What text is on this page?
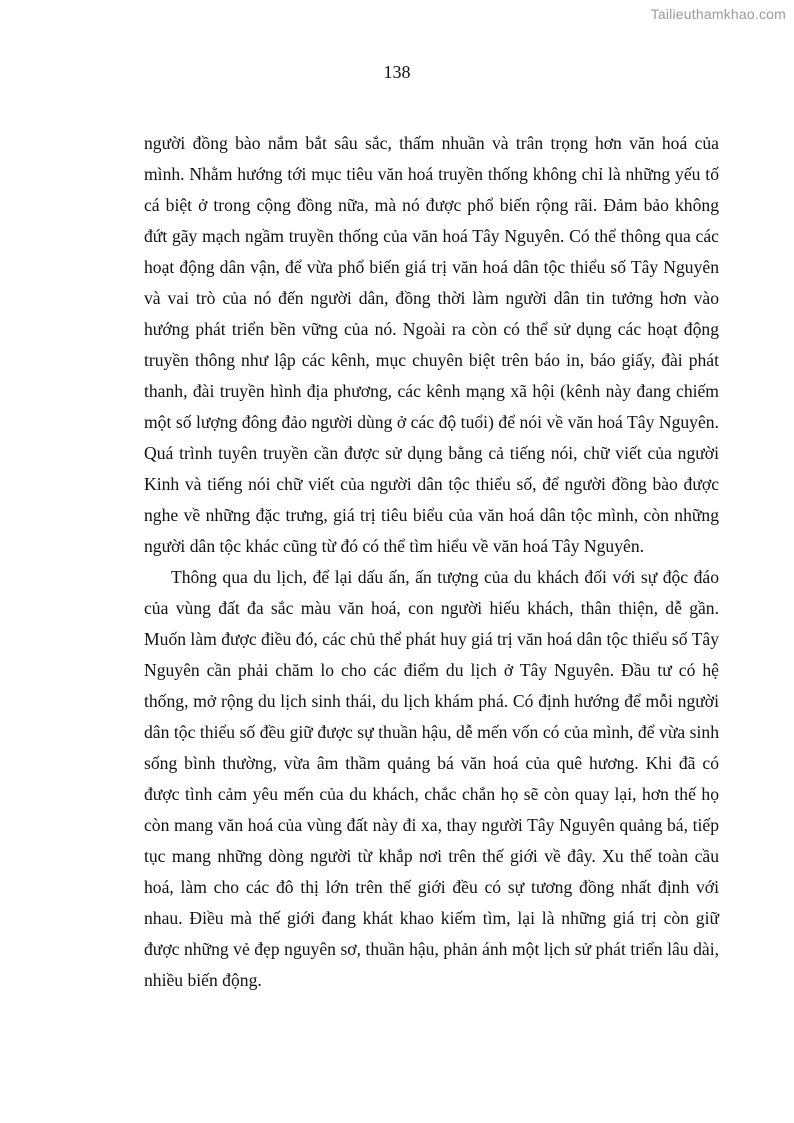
Tailieuthamkhao.com
138

người đồng bào nắm bắt sâu sắc, thấm nhuần và trân trọng hơn văn hoá của mình. Nhằm hướng tới mục tiêu văn hoá truyền thống không chỉ là những yếu tố cá biệt ở trong cộng đồng nữa, mà nó được phổ biến rộng rãi. Đảm bảo không đứt gãy mạch ngầm truyền thống của văn hoá Tây Nguyên. Có thể thông qua các hoạt động dân vận, để vừa phổ biến giá trị văn hoá dân tộc thiểu số Tây Nguyên và vai trò của nó đến người dân, đồng thời làm người dân tin tưởng hơn vào hướng phát triển bền vững của nó. Ngoài ra còn có thể sử dụng các hoạt động truyền thông như lập các kênh, mục chuyên biệt trên báo in, báo giấy, đài phát thanh, đài truyền hình địa phương, các kênh mạng xã hội (kênh này đang chiếm một số lượng đông đảo người dùng ở các độ tuổi) để nói về văn hoá Tây Nguyên. Quá trình tuyên truyền cần được sử dụng bằng cả tiếng nói, chữ viết của người Kinh và tiếng nói chữ viết của người dân tộc thiểu số, để người đồng bào được nghe về những đặc trưng, giá trị tiêu biểu của văn hoá dân tộc mình, còn những người dân tộc khác cũng từ đó có thể tìm hiểu về văn hoá Tây Nguyên.

Thông qua du lịch, để lại dấu ấn, ấn tượng của du khách đối với sự độc đáo của vùng đất đa sắc màu văn hoá, con người hiếu khách, thân thiện, dễ gần. Muốn làm được điều đó, các chủ thể phát huy giá trị văn hoá dân tộc thiểu số Tây Nguyên cần phải chăm lo cho các điểm du lịch ở Tây Nguyên. Đầu tư có hệ thống, mở rộng du lịch sinh thái, du lịch khám phá. Có định hướng để mỗi người dân tộc thiểu số đều giữ được sự thuần hậu, dễ mến vốn có của mình, để vừa sinh sống bình thường, vừa âm thầm quảng bá văn hoá của quê hương. Khi đã có được tình cảm yêu mến của du khách, chắc chắn họ sẽ còn quay lại, hơn thế họ còn mang văn hoá của vùng đất này đi xa, thay người Tây Nguyên quảng bá, tiếp tục mang những dòng người từ khắp nơi trên thế giới về đây. Xu thế toàn cầu hoá, làm cho các đô thị lớn trên thế giới đều có sự tương đồng nhất định với nhau. Điều mà thế giới đang khát khao kiếm tìm, lại là những giá trị còn giữ được những vẻ đẹp nguyên sơ, thuần hậu, phản ánh một lịch sử phát triển lâu dài, nhiều biến động.
